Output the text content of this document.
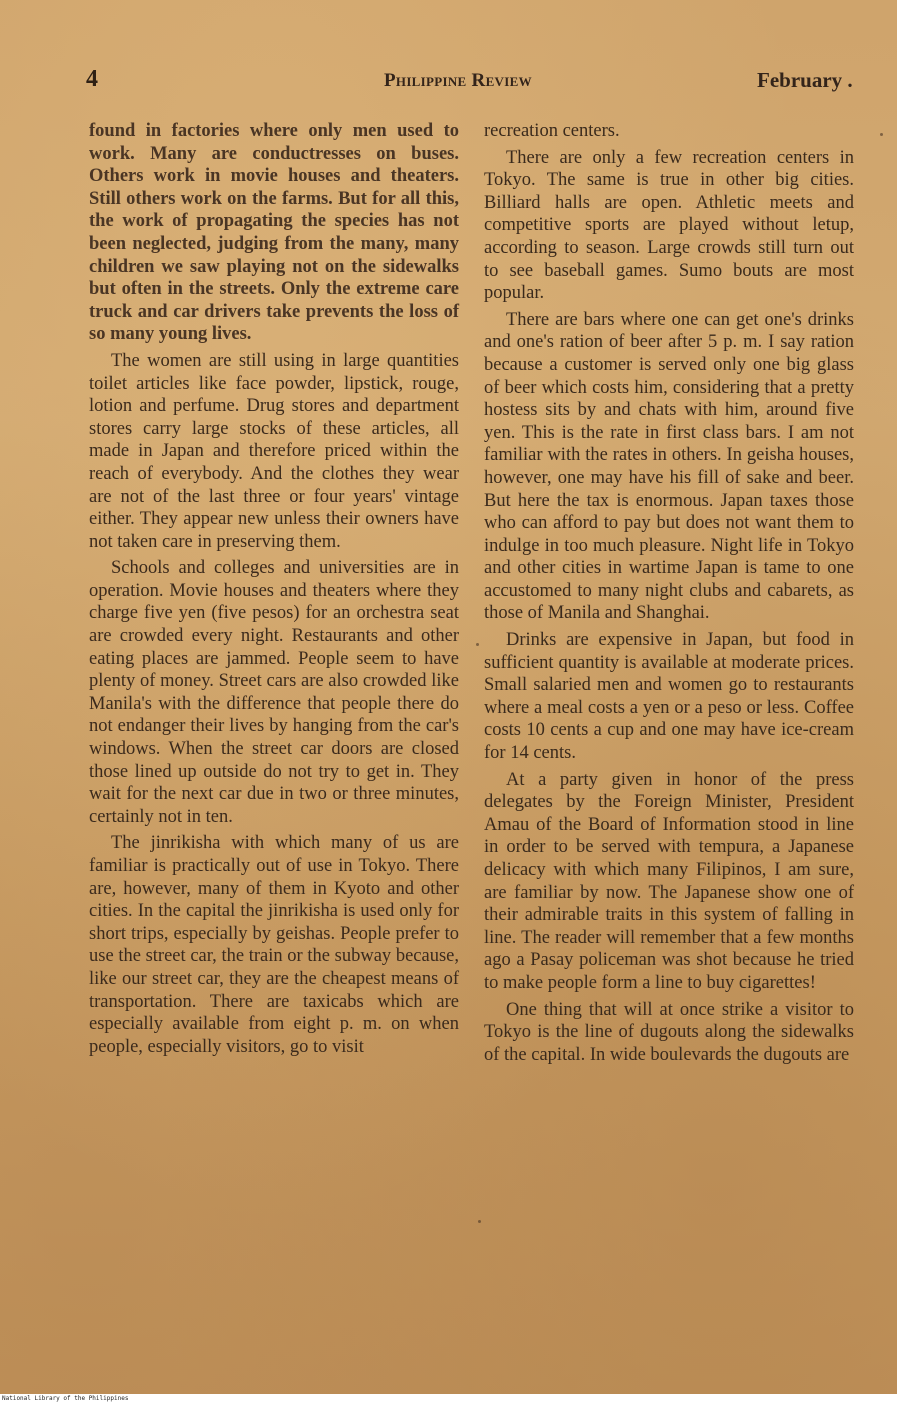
4	Philippine Review	February .

found in factories where only men used to work. Many are conductresses on buses. Others work in movie houses and theaters. Still others work on the farms. But for all this, the work of propagating the species has not been neglected, judging from the many, many children we saw playing not on the sidewalks but often in the streets. Only the extreme care truck and car drivers take prevents the loss of so many young lives.

The women are still using in large quantities toilet articles like face powder, lipstick, rouge, lotion and perfume. Drug stores and department stores carry large stocks of these articles, all made in Japan and therefore priced within the reach of everybody. And the clothes they wear are not of the last three or four years' vintage either. They appear new unless their owners have not taken care in preserving them.

Schools and colleges and universities are in operation. Movie houses and theaters where they charge five yen (five pesos) for an orchestra seat are crowded every night. Restaurants and other eating places are jammed. People seem to have plenty of money. Street cars are also crowded like Manila's with the difference that people there do not endanger their lives by hanging from the car's windows. When the street car doors are closed those lined up outside do not try to get in. They wait for the next car due in two or three minutes, certainly not in ten.

The jinrikisha with which many of us are familiar is practically out of use in Tokyo. There are, however, many of them in Kyoto and other cities. In the capital the jinrikisha is used only for short trips, especially by geishas. People prefer to use the street car, the train or the subway because, like our street car, they are the cheapest means of transportation. There are taxicabs which are especially available from eight p. m. on when people, especially visitors, go to visit

recreation centers.

There are only a few recreation centers in Tokyo. The same is true in other big cities. Billiard halls are open. Athletic meets and competitive sports are played without letup, according to season. Large crowds still turn out to see baseball games. Sumo bouts are most popular.

There are bars where one can get one's drinks and one's ration of beer after 5 p. m. I say ration because a customer is served only one big glass of beer which costs him, considering that a pretty hostess sits by and chats with him, around five yen. This is the rate in first class bars. I am not familiar with the rates in others. In geisha houses, however, one may have his fill of sake and beer. But here the tax is enormous. Japan taxes those who can afford to pay but does not want them to indulge in too much pleasure. Night life in Tokyo and other cities in wartime Japan is tame to one accustomed to many night clubs and cabarets, as those of Manila and Shanghai.

Drinks are expensive in Japan, but food in sufficient quantity is available at moderate prices. Small salaried men and women go to restaurants where a meal costs a yen or a peso or less. Coffee costs 10 cents a cup and one may have ice-cream for 14 cents.

At a party given in honor of the press delegates by the Foreign Minister, President Amau of the Board of Information stood in line in order to be served with tempura, a Japanese delicacy with which many Filipinos, I am sure, are familiar by now. The Japanese show one of their admirable traits in this system of falling in line. The reader will remember that a few months ago a Pasay policeman was shot because he tried to make people form a line to buy cigarettes!

One thing that will at once strike a visitor to Tokyo is the line of dugouts along the sidewalks of the capital. In wide boulevards the dugouts are

National Library of the Philippines
